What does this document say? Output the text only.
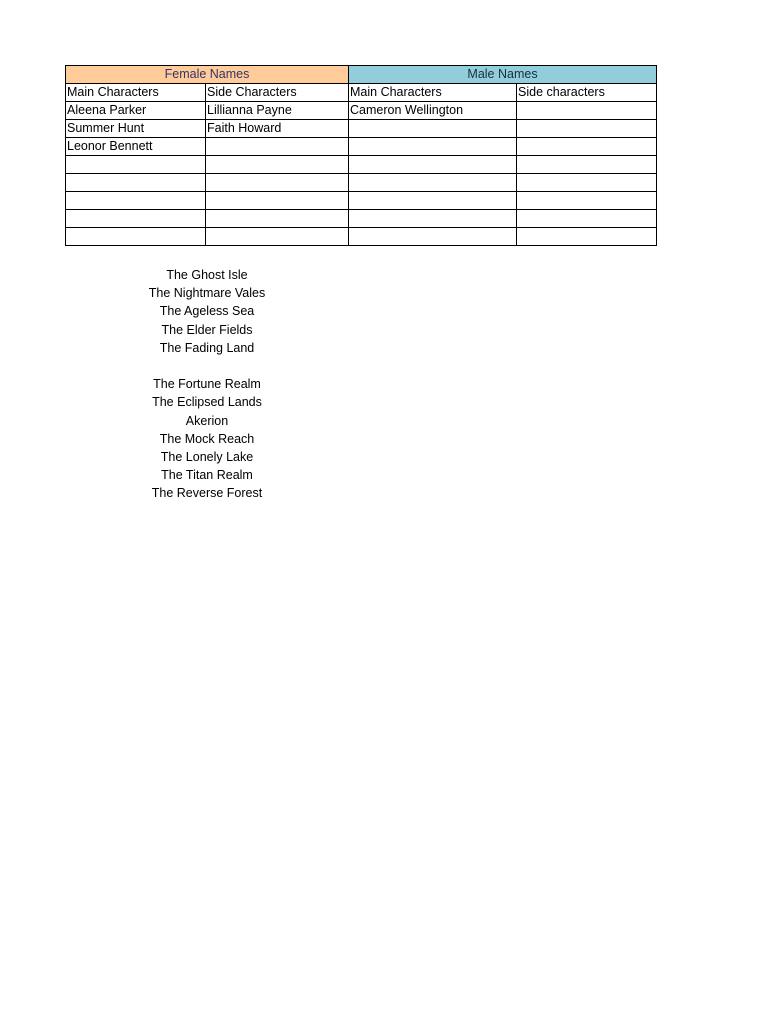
Female Names		Male Names	
Main Characters	Side Characters	Main Characters	Side characters
Aleena Parker	Lillianna Payne	Cameron Wellington	
Summer Hunt	Faith Howard		
Leonor Bennett			

The Ghost Isle
The Nightmare Vales
The Ageless Sea
The Elder Fields
The Fading Land
The Fortune Realm
The Eclipsed Lands
Akerion
The Mock Reach
The Lonely Lake
The Titan Realm
The Reverse Forest
